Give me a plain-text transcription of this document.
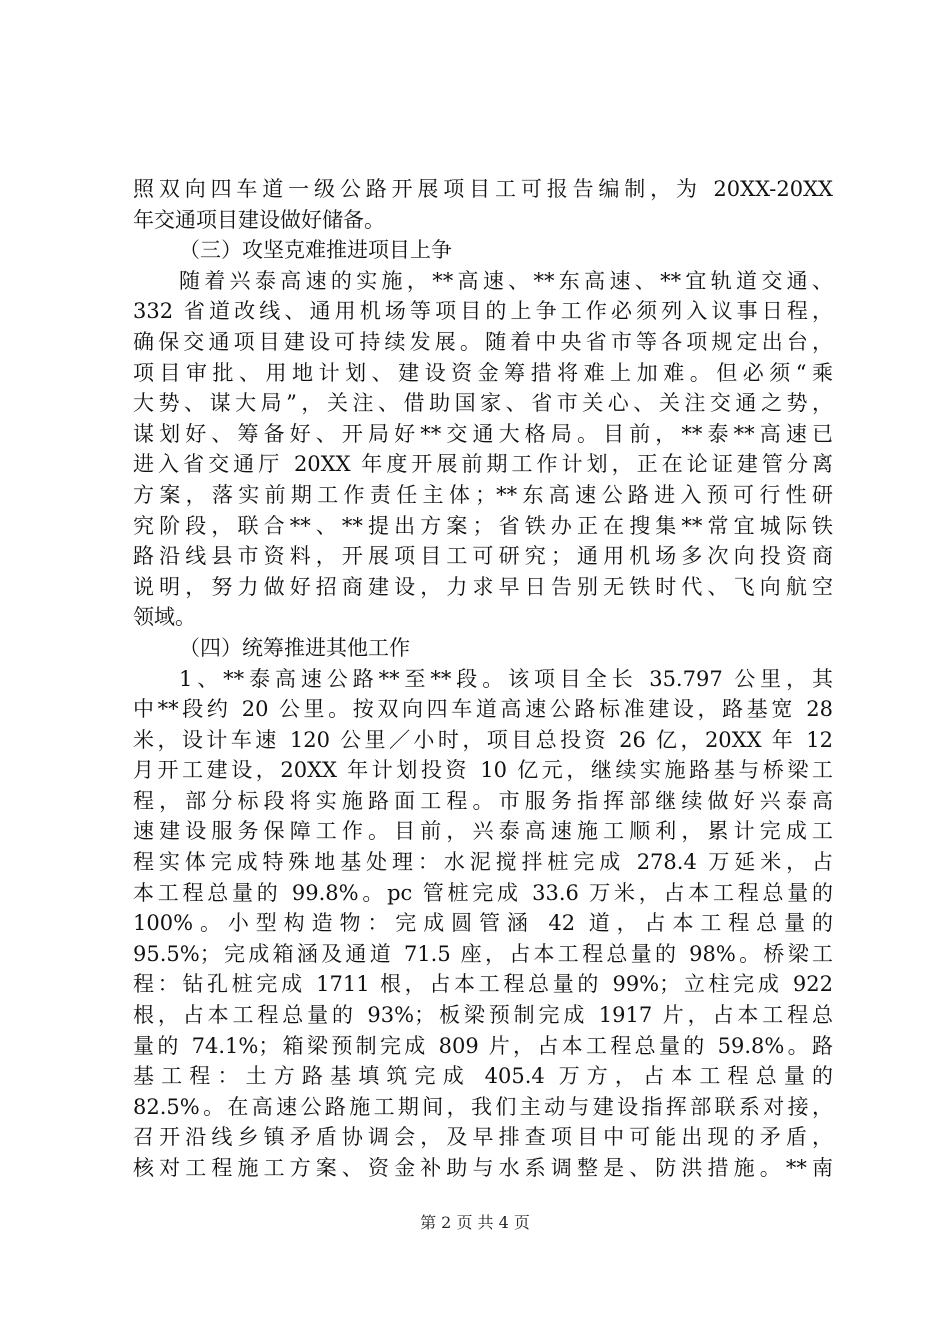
照双向四车道一级公路开展项目工可报告编制，为 20XX-20XX
年交通项目建设做好储备。
（三）攻坚克难推进项目上争
随着兴泰高速的实施，**高速、**东高速、**宜轨道交通、
332 省道改线、通用机场等项目的上争工作必须列入议事日程，
确保交通项目建设可持续发展。随着中央省市等各项规定出台，
项目审批、用地计划、建设资金筹措将难上加难。但必须“乘
大势、谋大局”，关注、借助国家、省市关心、关注交通之势，
谋划好、筹备好、开局好**交通大格局。目前，**泰**高速已
进入省交通厅 20XX 年度开展前期工作计划，正在论证建管分离
方案，落实前期工作责任主体；**东高速公路进入预可行性研
究阶段，联合**、**提出方案；省铁办正在搜集**常宜城际铁
路沿线县市资料，开展项目工可研究；通用机场多次向投资商
说明，努力做好招商建设，力求早日告别无铁时代、飞向航空
领域。
（四）统筹推进其他工作
1、**泰高速公路**至**段。该项目全长 35.797 公里，其
中**段约 20 公里。按双向四车道高速公路标准建设，路基宽 28
米，设计车速 120 公里／小时，项目总投资 26 亿，20XX 年 12
月开工建设，20XX 年计划投资 10 亿元，继续实施路基与桥梁工
程，部分标段将实施路面工程。市服务指挥部继续做好兴泰高
速建设服务保障工作。目前，兴泰高速施工顺利，累计完成工
程实体完成特殊地基处理：水泥搅拌桩完成 278.4 万延米，占
本工程总量的 99.8%。pc 管桩完成 33.6 万米，占本工程总量的
100%。小型构造物：完成圆管涵 42 道，占本工程总量的
95.5%；完成箱涵及通道 71.5 座，占本工程总量的 98%。桥梁工
程：钻孔桩完成 1711 根，占本工程总量的 99%；立柱完成 922
根，占本工程总量的 93%；板梁预制完成 1917 片，占本工程总
量的 74.1%；箱梁预制完成 809 片，占本工程总量的 59.8%。路
基工程：土方路基填筑完成 405.4 万方，占本工程总量的
82.5%。在高速公路施工期间，我们主动与建设指挥部联系对接，
召开沿线乡镇矛盾协调会，及早排查项目中可能出现的矛盾，
核对工程施工方案、资金补助与水系调整是、防洪措施。**南
第 2 页 共 4 页
